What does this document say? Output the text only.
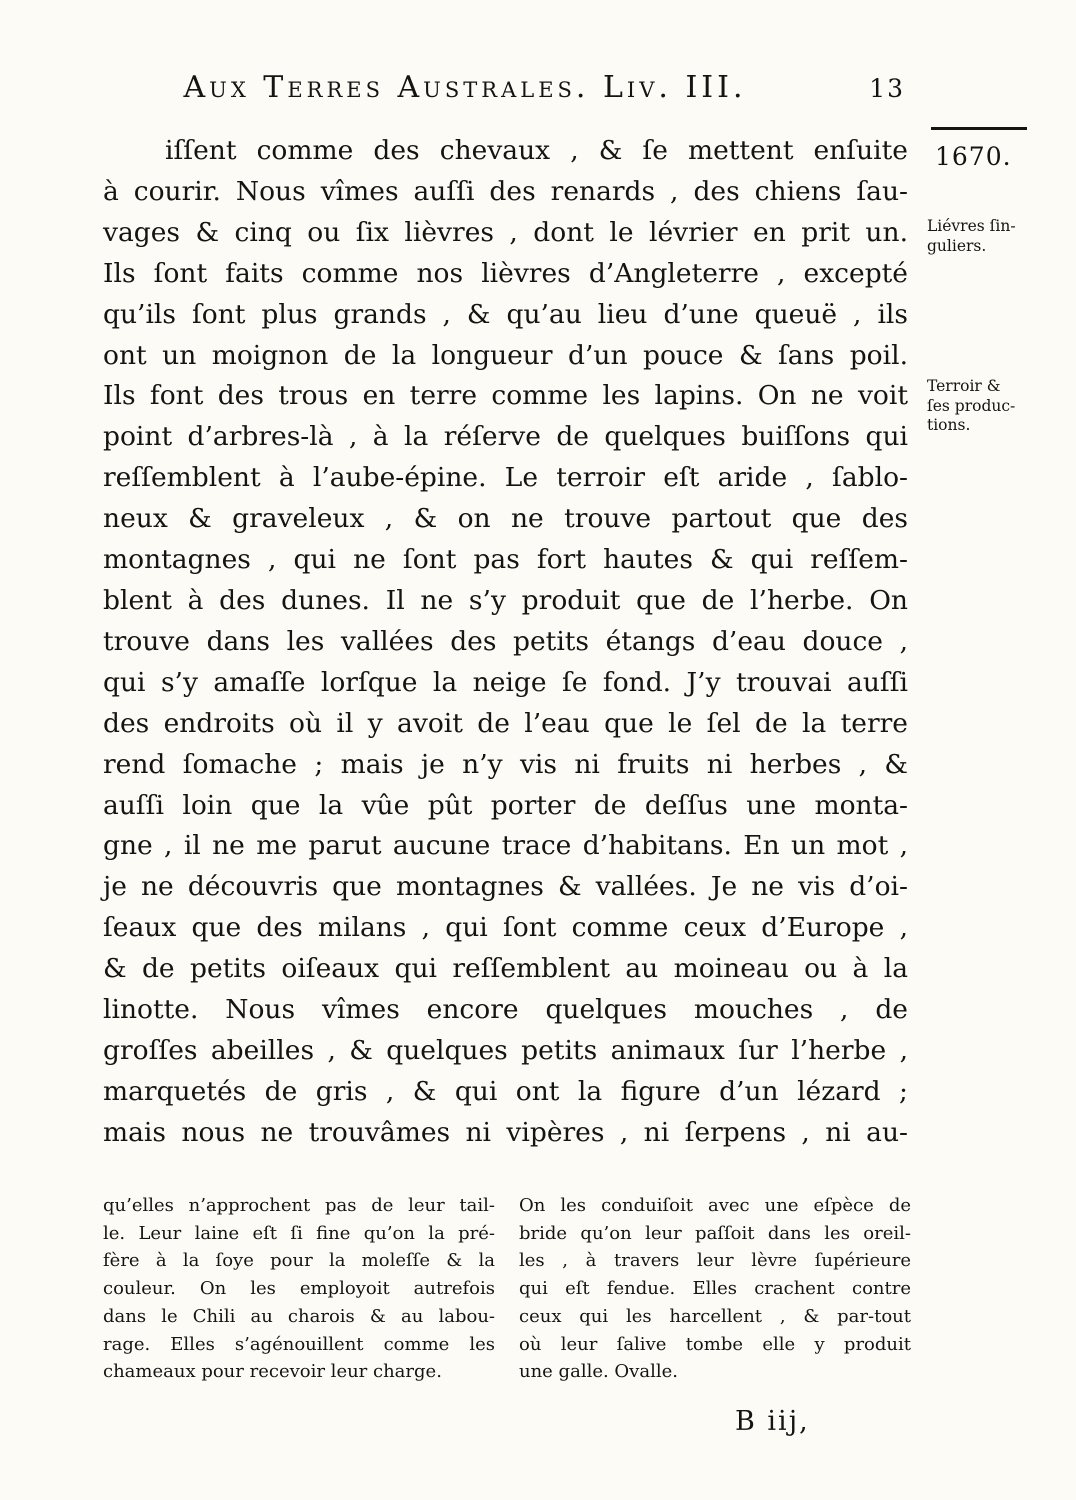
Aux Terres Australes. Liv. III.	13
iſſent comme des chevaux , & ſe mettent enſuite
à courir. Nous vîmes auſſi des renards , des chiens ſau-
vages & cinq ou ſix lièvres , dont le lévrier en prit un.
Ils ſont faits comme nos lièvres d’Angleterre , excepté
qu’ils ſont plus grands , & qu’au lieu d’une queuë , ils
ont un moignon de la longueur d’un pouce & ſans poil.
Ils font des trous en terre comme les lapins. On ne voit
point d’arbres-là , à la réſerve de quelques buiſſons qui
reſſemblent à l’aube-épine. Le terroir eſt aride , ſablo-
neux & graveleux , & on ne trouve partout que des
montagnes , qui ne ſont pas fort hautes & qui reſſem-
blent à des dunes. Il ne s’y produit que de l’herbe. On
trouve dans les vallées des petits étangs d’eau douce ,
qui s’y amaſſe lorſque la neige ſe fond. J’y trouvai auſſi
des endroits où il y avoit de l’eau que le ſel de la terre
rend ſomache ; mais je n’y vis ni fruits ni herbes , &
auſſi loin que la vûe pût porter de deſſus une monta-
gne , il ne me parut aucune trace d’habitans. En un mot ,
je ne découvris que montagnes & vallées. Je ne vis d’oi-
ſeaux que des milans , qui ſont comme ceux d’Europe ,
& de petits oiſeaux qui reſſemblent au moineau ou à la
linotte. Nous vîmes encore quelques mouches , de
groſſes abeilles , & quelques petits animaux ſur l’herbe ,
marquetés de gris , & qui ont la figure d’un lézard ;
mais nous ne trouvâmes ni vipères , ni ſerpens , ni au-
1670.
Liévres ſin-
guliers.
Terroir &
ſes produc-
tions.
qu’elles n’approchent pas de leur tail-
le. Leur laine eſt ſi fine qu’on la pré-
fère à la ſoye pour la moleſſe & la
couleur. On les employoit autrefois
dans le Chili au charois & au labou-
rage. Elles s’agénouillent comme les
chameaux pour recevoir leur charge.
On les conduiſoit avec une eſpèce de
bride qu’on leur paſſoit dans les oreil-
les , à travers leur lèvre ſupérieure
qui eſt fendue. Elles crachent contre
ceux qui les harcellent , & par-tout
où leur ſalive tombe elle y produit
une galle. Ovalle.
B iij,
